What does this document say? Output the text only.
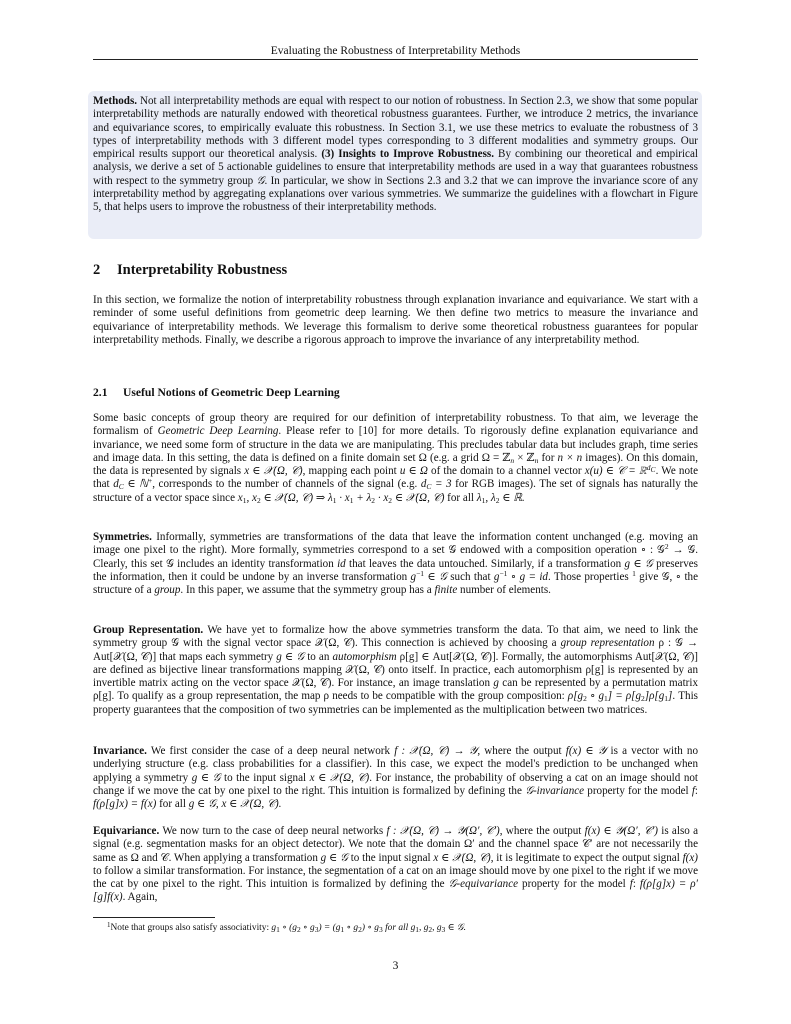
Evaluating the Robustness of Interpretability Methods

Methods. Not all interpretability methods are equal with respect to our notion of robustness. In Section 2.3, we show that some popular interpretability methods are naturally endowed with theoretical robustness guarantees. Further, we introduce 2 metrics, the invariance and equivariance scores, to empirically evaluate this robustness. In Section 3.1, we use these metrics to evaluate the robustness of 3 types of interpretability methods with 3 different model types corresponding to 3 different modalities and symmetry groups. Our empirical results support our theoretical analysis. (3) Insights to Improve Robustness. By combining our theoretical and empirical analysis, we derive a set of 5 actionable guidelines to ensure that interpretability methods are used in a way that guarantees robustness with respect to the symmetry group 𝒢. In particular, we show in Sections 2.3 and 3.2 that we can improve the invariance score of any interpretability method by aggregating explanations over various symmetries. We summarize the guidelines with a flowchart in Figure 5, that helps users to improve the robustness of their interpretability methods.

2 Interpretability Robustness

In this section, we formalize the notion of interpretability robustness through explanation invariance and equivariance. We start with a reminder of some useful definitions from geometric deep learning. We then define two metrics to measure the invariance and equivariance of interpretability methods. We leverage this formalism to derive some theoretical robustness guarantees for popular interpretability methods. Finally, we describe a rigorous approach to improve the invariance of any interpretability method.

2.1 Useful Notions of Geometric Deep Learning

Some basic concepts of group theory are required for our definition of interpretability robustness. To that aim, we leverage the formalism of Geometric Deep Learning. Please refer to [10] for more details. To rigorously define explanation equivariance and invariance, we need some form of structure in the data we are manipulating. This precludes tabular data but includes graph, time series and image data. In this setting, the data is defined on a finite domain set Ω (e.g. a grid Ω = ℤ$_n$ × ℤ$_n$ for n × n images). On this domain, the data is represented by signals x ∈ 𝒳(Ω, 𝒞), mapping each point u ∈ Ω of the domain to a channel vector x(u) ∈ 𝒞 = ℝ$^{d_C}$. We note that $d_C$ ∈ ℕ+, corresponds to the number of channels of the signal (e.g. $d_C = 3$ for RGB images). The set of signals has naturally the structure of a vector space since $x_1$, $x_2$ ∈ 𝒳(Ω, 𝒞) ⇒ $\lambda_1 \cdot x_1 + \lambda_2 \cdot x_2$ ∈ 𝒳(Ω, 𝒞) for all $\lambda_1$, $\lambda_2$ ∈ ℝ.

Symmetries. Informally, symmetries are transformations of the data that leave the information content unchanged (e.g. moving an image one pixel to the right). More formally, symmetries correspond to a set 𝒢 endowed with a composition operation ∘ : 𝒢$^2$ → 𝒢. Clearly, this set 𝒢 includes an identity transformation id that leaves the data untouched. Similarly, if a transformation g ∈ 𝒢 preserves the information, then it could be undone by an inverse transformation $g^{-1}$ ∈ 𝒢 such that $g^{-1}$ ∘ g = id. Those properties $^1$ give 𝒢, ∘ the structure of a group. In this paper, we assume that the symmetry group has a finite number of elements.

Group Representation. We have yet to formalize how the above symmetries transform the data. To that aim, we need to link the symmetry group 𝒢 with the signal vector space 𝒳(Ω, 𝒞). This connection is achieved by choosing a group representation ρ : 𝒢 → Aut[𝒳(Ω, 𝒞)] that maps each symmetry g ∈ 𝒢 to an automorphism ρ[g] ∈ Aut[𝒳(Ω, 𝒞)]. Formally, the automorphisms Aut[𝒳(Ω, 𝒞)] are defined as bijective linear transformations mapping 𝒳(Ω, 𝒞) onto itself. In practice, each automorphism ρ[g] is represented by an invertible matrix acting on the vector space 𝒳(Ω, 𝒞). For instance, an image translation g can be represented by a permutation matrix ρ[g]. To qualify as a group representation, the map ρ needs to be compatible with the group composition: $\rho[g_2$ ∘ $g_1] = \rho[g_2]\rho[g_1]$. This property guarantees that the composition of two symmetries can be implemented as the multiplication between two matrices.

Invariance. We first consider the case of a deep neural network f : 𝒳(Ω, 𝒞) → 𝒴, where the output f(x) ∈ 𝒴 is a vector with no underlying structure (e.g. class probabilities for a classifier). In this case, we expect the model's prediction to be unchanged when applying a symmetry g ∈ 𝒢 to the input signal x ∈ 𝒳(Ω, 𝒞). For instance, the probability of observing a cat on an image should not change if we move the cat by one pixel to the right. This intuition is formalized by defining the 𝒢-invariance property for the model f: f(ρ[g]x) = f(x) for all g ∈ 𝒢, x ∈ 𝒳(Ω, 𝒞).

Equivariance. We now turn to the case of deep neural networks f : 𝒳(Ω, 𝒞) → 𝒴(Ω′, 𝒞′), where the output f(x) ∈ 𝒴(Ω′, 𝒞′) is also a signal (e.g. segmentation masks for an object detector). We note that the domain Ω′ and the channel space 𝒞′ are not necessarily the same as Ω and 𝒞. When applying a transformation g ∈ 𝒢 to the input signal x ∈ 𝒳(Ω, 𝒞), it is legitimate to expect the output signal f(x) to follow a similar transformation. For instance, the segmentation of a cat on an image should move by one pixel to the right if we move the cat by one pixel to the right. This intuition is formalized by defining the 𝒢-equivariance property for the model f: f(ρ[g]x) = ρ′[g]f(x). Again,

$^1$Note that groups also satisfy associativity: $g_1$ ∘ ($g_2$ ∘ $g_3) = (g_1$ ∘ $g_2$) ∘ $g_3$ for all $g_1$, $g_2$, $g_3$ ∈ 𝒢.
3
